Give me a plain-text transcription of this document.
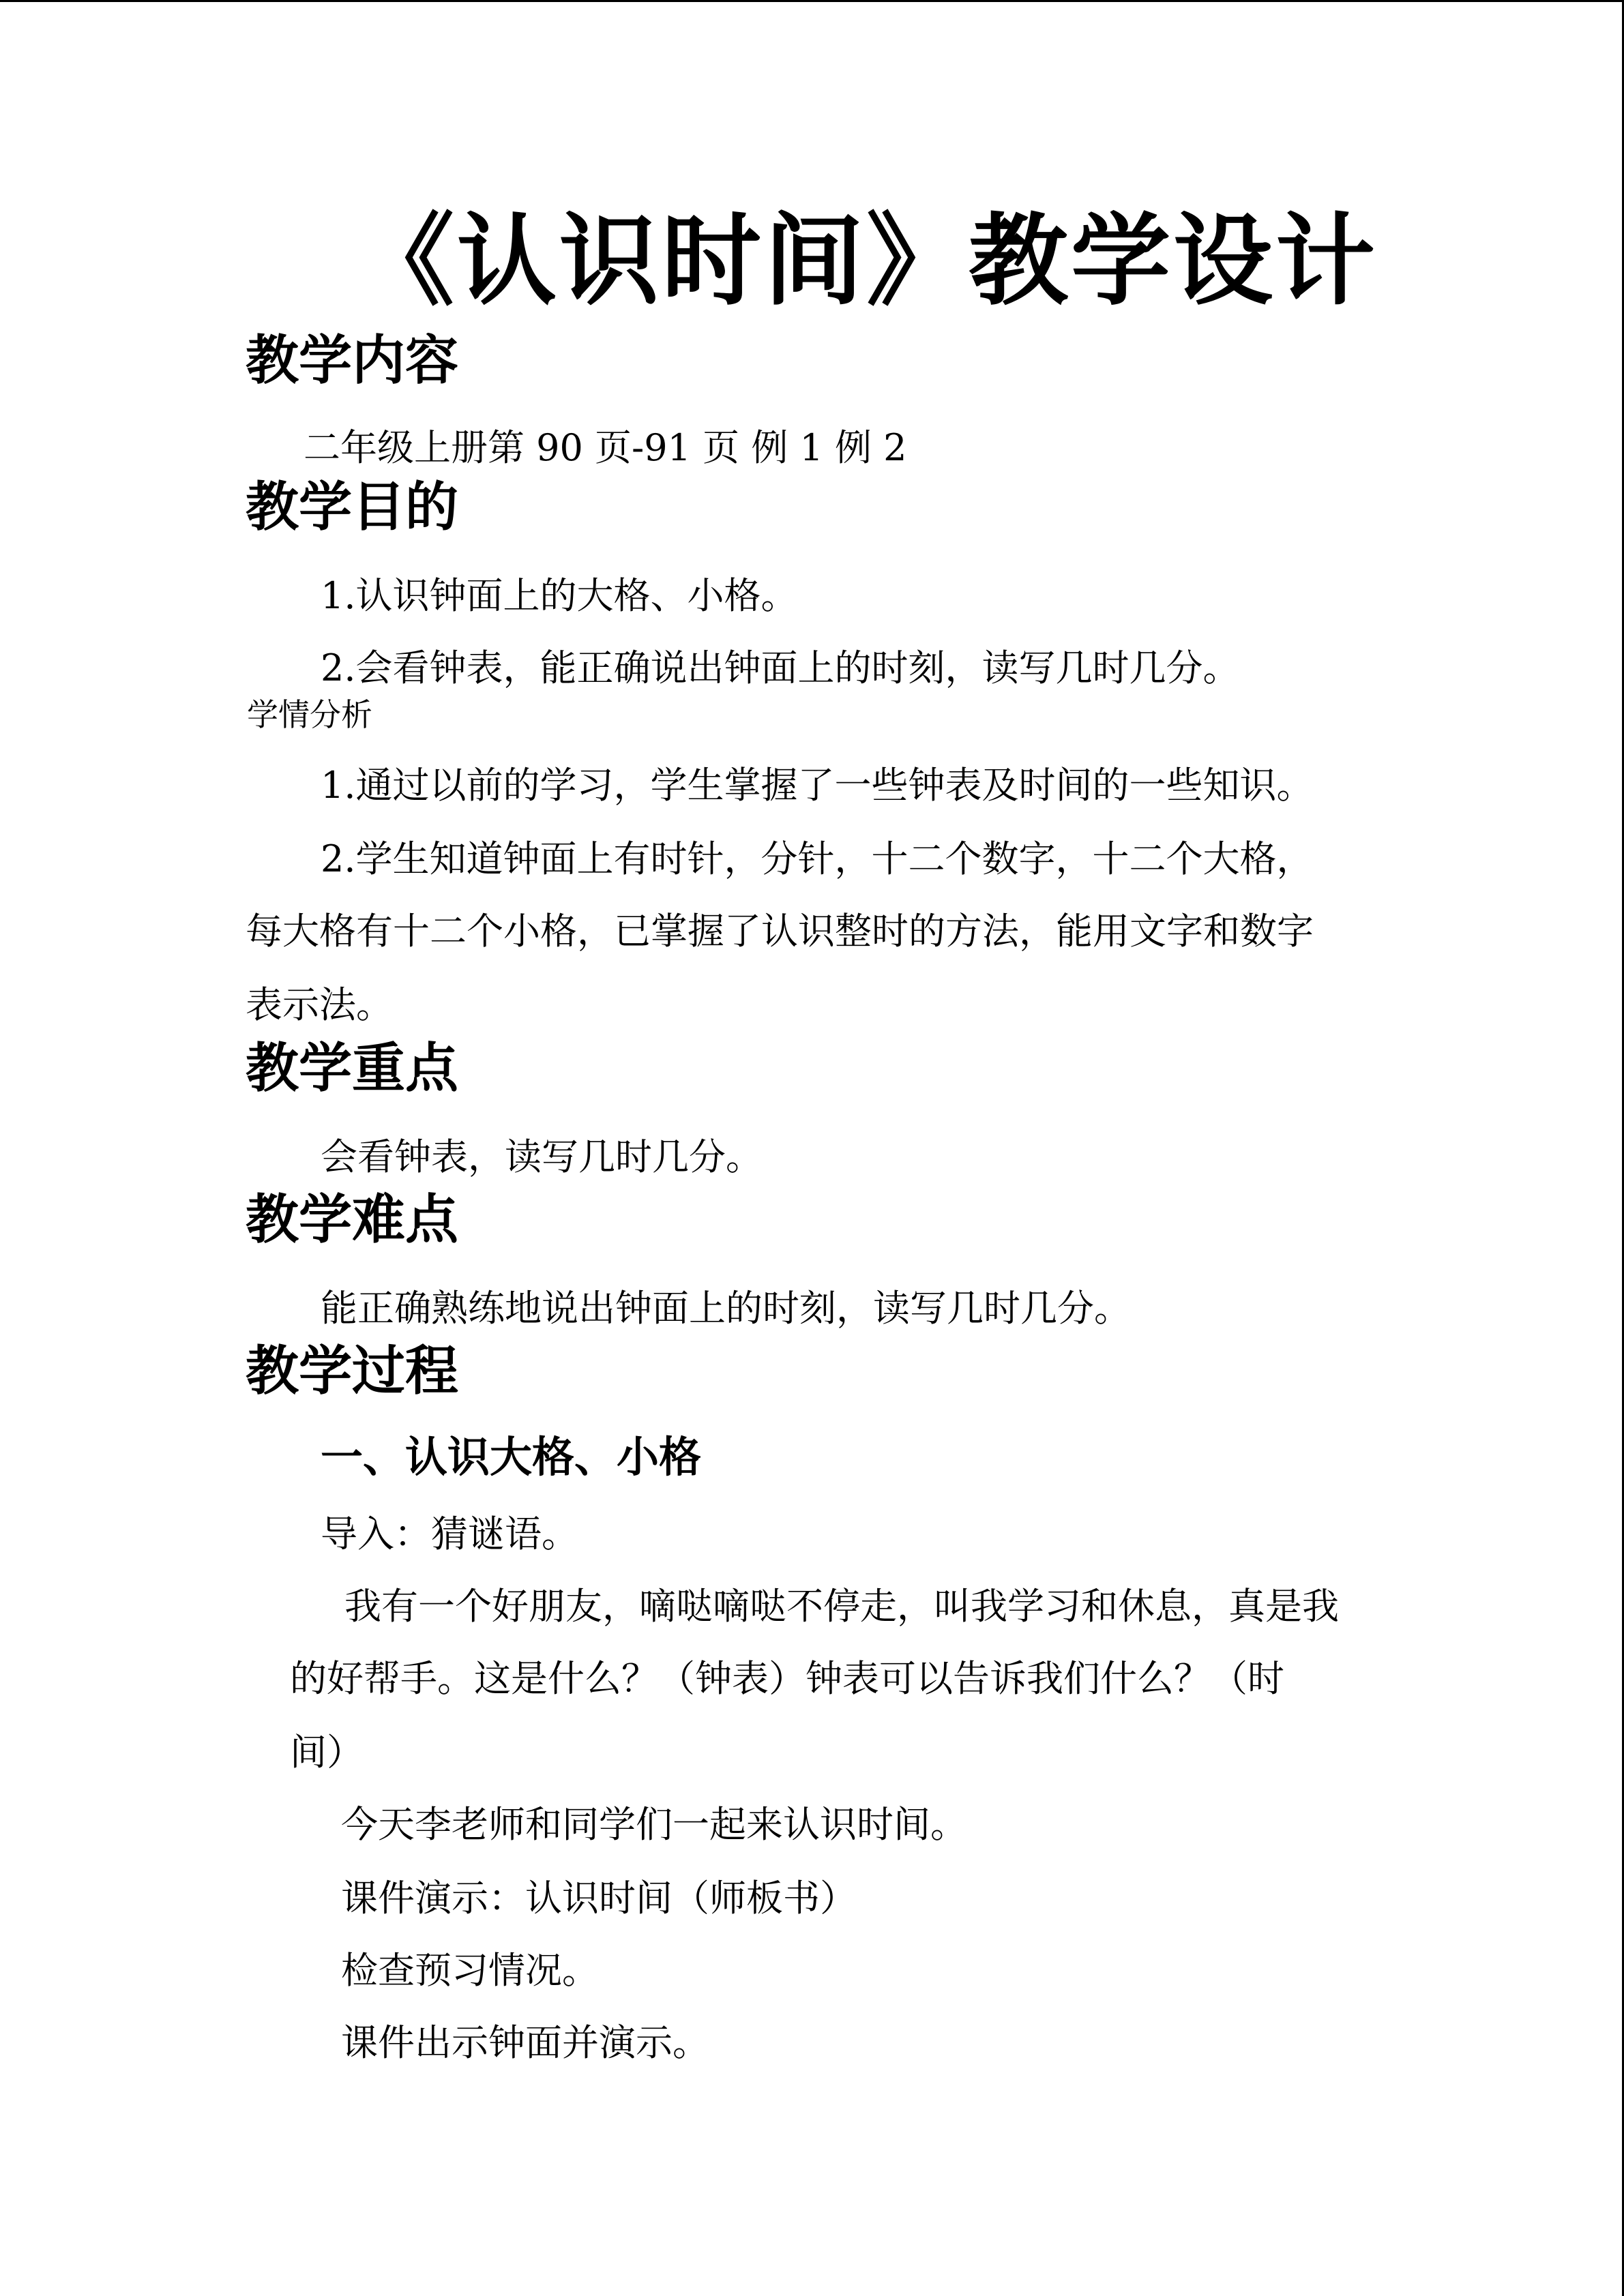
《认识时间》教学设计
教学内容

二年级上册第 90 页-91 页 例 1 例 2

教学目的

1.认识钟面上的大格、小格。

2.会看钟表，能正确说出钟面上的时刻，读写几时几分。

学情分析

1.通过以前的学习，学生掌握了一些钟表及时间的一些知识。

2.学生知道钟面上有时针，分针，十二个数字，十二个大格，

每大格有十二个小格，已掌握了认识整时的方法，能用文字和数字

表示法。

教学重点

会看钟表，读写几时几分。

教学难点

能正确熟练地说出钟面上的时刻，读写几时几分。

教学过程
一、认识大格、小格

导入：猜谜语。

我有一个好朋友，嘀哒嘀哒不停走，叫我学习和休息，真是我

的好帮手。这是什么？（钟表）钟表可以告诉我们什么？（时

间）

今天李老师和同学们一起来认识时间。

课件演示：认识时间（师板书）

检查预习情况。

课件出示钟面并演示。
